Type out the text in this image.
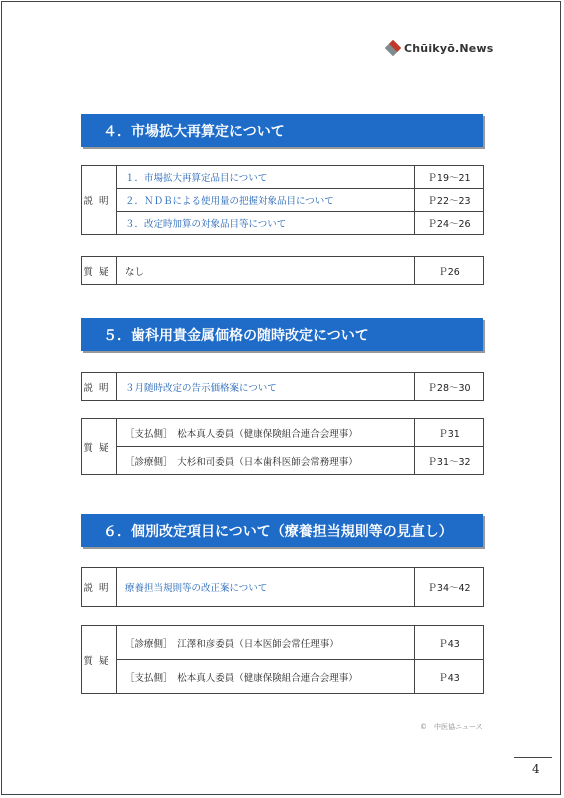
Chūikyō.News
４．市場拡大再算定について
説明	１．市場拡大再算定品目について	Ｐ19～21
	２．ＮＤＢによる使用量の把握対象品目について	Ｐ22～23
	３．改定時加算の対象品目等について	Ｐ24～26
質疑	なし	Ｐ26
５．歯科用貴金属価格の随時改定について
説明	３月随時改定の告示価格案について	Ｐ28～30
質疑	［支払側］　松本真人委員（健康保険組合連合会理事）	Ｐ31
	［診療側］　大杉和司委員（日本歯科医師会常務理事）	Ｐ31～32
６．個別改定項目について（療養担当規則等の見直し）
説明	療養担当規則等の改正案について	Ｐ34～42
質疑	［診療側］　江澤和彦委員（日本医師会常任理事）	Ｐ43
	［支払側］　松本真人委員（健康保険組合連合会理事）	Ｐ43
©　中医協ニュース
4
